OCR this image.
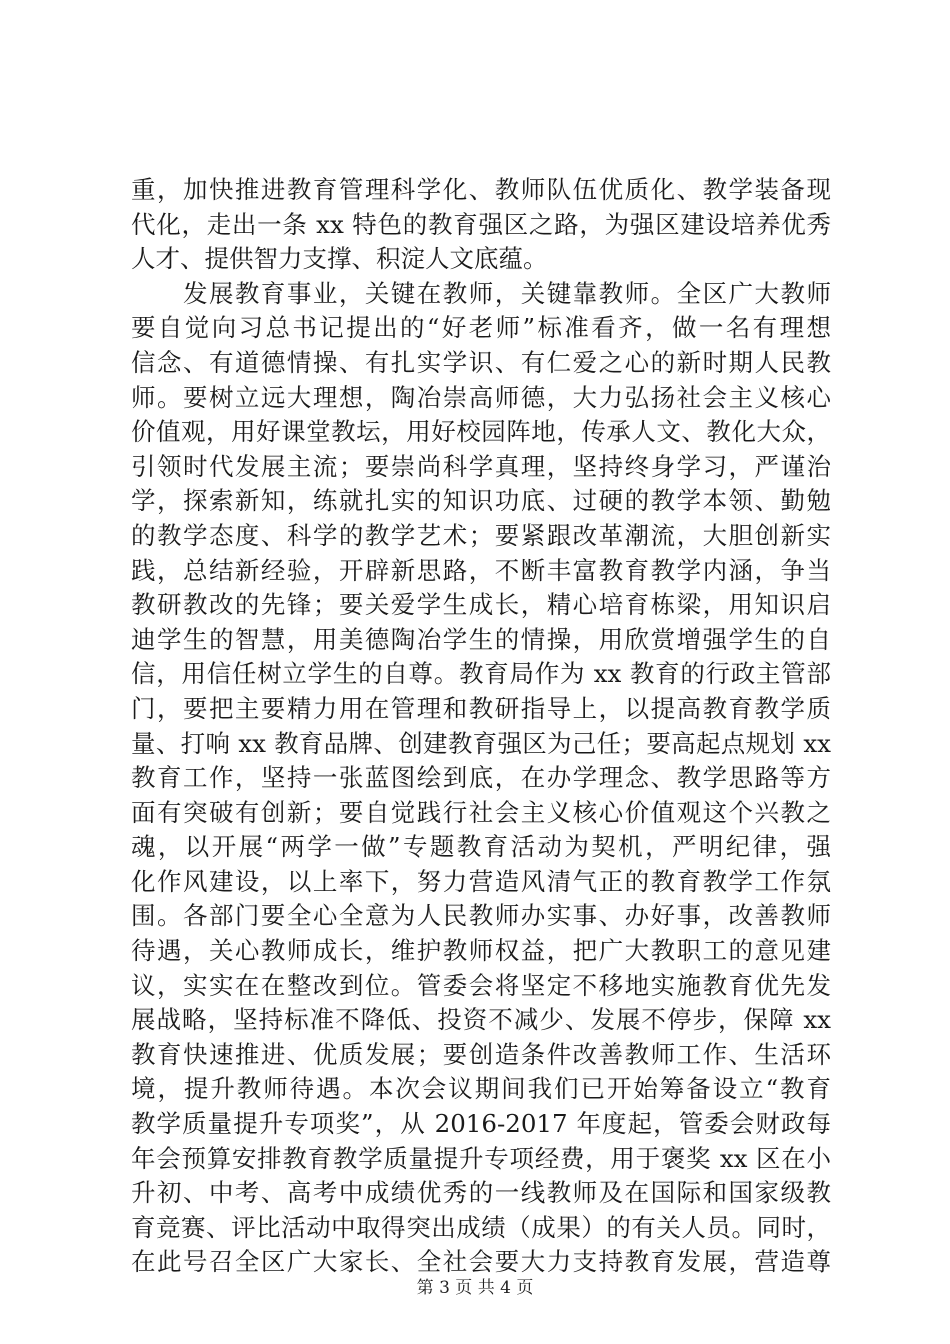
重，加快推进教育管理科学化、教师队伍优质化、教学装备现
代化，走出一条 xx 特色的教育强区之路，为强区建设培养优秀
人才、提供智力支撑、积淀人文底蕴。
　　发展教育事业，关键在教师，关键靠教师。全区广大教师
要自觉向习总书记提出的“好老师”标准看齐，做一名有理想
信念、有道德情操、有扎实学识、有仁爱之心的新时期人民教
师。要树立远大理想，陶冶崇高师德，大力弘扬社会主义核心
价值观，用好课堂教坛，用好校园阵地，传承人文、教化大众，
引领时代发展主流；要崇尚科学真理，坚持终身学习，严谨治
学，探索新知，练就扎实的知识功底、过硬的教学本领、勤勉
的教学态度、科学的教学艺术；要紧跟改革潮流，大胆创新实
践，总结新经验，开辟新思路，不断丰富教育教学内涵，争当
教研教改的先锋；要关爱学生成长，精心培育栋梁，用知识启
迪学生的智慧，用美德陶冶学生的情操，用欣赏增强学生的自
信，用信任树立学生的自尊。教育局作为 xx 教育的行政主管部
门，要把主要精力用在管理和教研指导上，以提高教育教学质
量、打响 xx 教育品牌、创建教育强区为己任；要高起点规划 xx
教育工作，坚持一张蓝图绘到底，在办学理念、教学思路等方
面有突破有创新；要自觉践行社会主义核心价值观这个兴教之
魂，以开展“两学一做”专题教育活动为契机，严明纪律，强
化作风建设，以上率下，努力营造风清气正的教育教学工作氛
围。各部门要全心全意为人民教师办实事、办好事，改善教师
待遇，关心教师成长，维护教师权益，把广大教职工的意见建
议，实实在在整改到位。管委会将坚定不移地实施教育优先发
展战略，坚持标准不降低、投资不减少、发展不停步，保障 xx
教育快速推进、优质发展；要创造条件改善教师工作、生活环
境，提升教师待遇。本次会议期间我们已开始筹备设立“教育
教学质量提升专项奖”，从 2016-2017 年度起，管委会财政每
年会预算安排教育教学质量提升专项经费，用于褒奖 xx 区在小
升初、中考、高考中成绩优秀的一线教师及在国际和国家级教
育竞赛、评比活动中取得突出成绩（成果）的有关人员。同时，
在此号召全区广大家长、全社会要大力支持教育发展，营造尊
第 3 页 共 4 页
